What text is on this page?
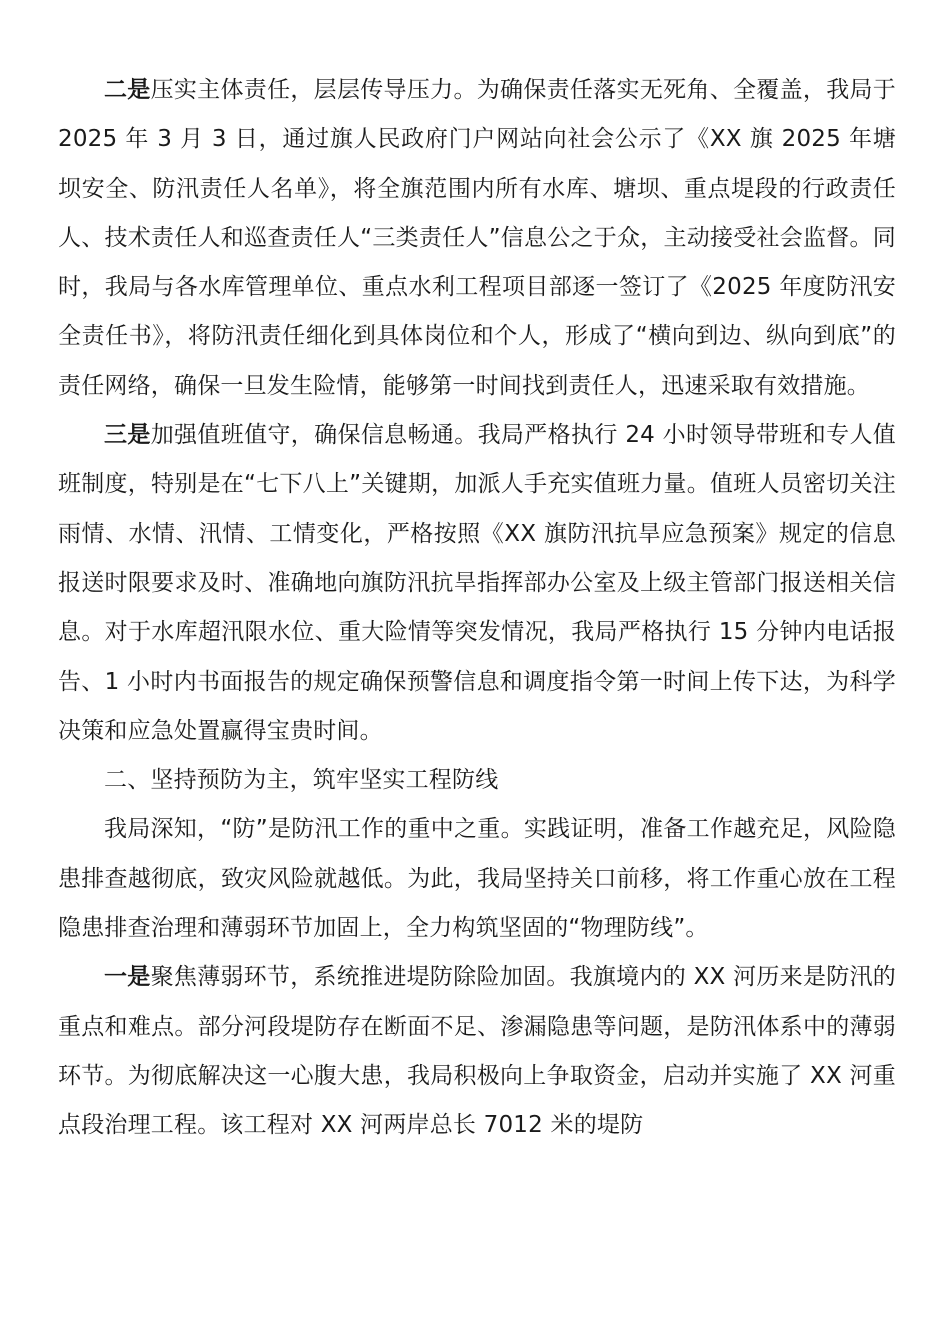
二是压实主体责任，层层传导压力。为确保责任落实无死角、全覆盖，我局于 2025 年 3 月 3 日，通过旗人民政府门户网站向社会公示了《XX 旗 2025 年塘坝安全、防汛责任人名单》，将全旗范围内所有水库、塘坝、重点堤段的行政责任人、技术责任人和巡查责任人“三类责任人”信息公之于众，主动接受社会监督。同时，我局与各水库管理单位、重点水利工程项目部逐一签订了《2025 年度防汛安全责任书》，将防汛责任细化到具体岗位和个人，形成了“横向到边、纵向到底”的责任网络，确保一旦发生险情，能够第一时间找到责任人，迅速采取有效措施。

三是加强值班值守，确保信息畅通。我局严格执行 24 小时领导带班和专人值班制度，特别是在“七下八上”关键期，加派人手充实值班力量。值班人员密切关注雨情、水情、汛情、工情变化，严格按照《XX 旗防汛抗旱应急预案》规定的信息报送时限要求及时、准确地向旗防汛抗旱指挥部办公室及上级主管部门报送相关信息。对于水库超汛限水位、重大险情等突发情况，我局严格执行 15 分钟内电话报告、1 小时内书面报告的规定确保预警信息和调度指令第一时间上传下达，为科学决策和应急处置赢得宝贵时间。

二、坚持预防为主，筑牢坚实工程防线

我局深知，“防”是防汛工作的重中之重。实践证明，准备工作越充足，风险隐患排查越彻底，致灾风险就越低。为此，我局坚持关口前移，将工作重心放在工程隐患排查治理和薄弱环节加固上，全力构筑坚固的“物理防线”。

一是聚焦薄弱环节，系统推进堤防除险加固。我旗境内的 XX 河历来是防汛的重点和难点。部分河段堤防存在断面不足、渗漏隐患等问题，是防汛体系中的薄弱环节。为彻底解决这一心腹大患，我局积极向上争取资金，启动并实施了 XX 河重点段治理工程。该工程对 XX 河两岸总长 7012 米的堤防
